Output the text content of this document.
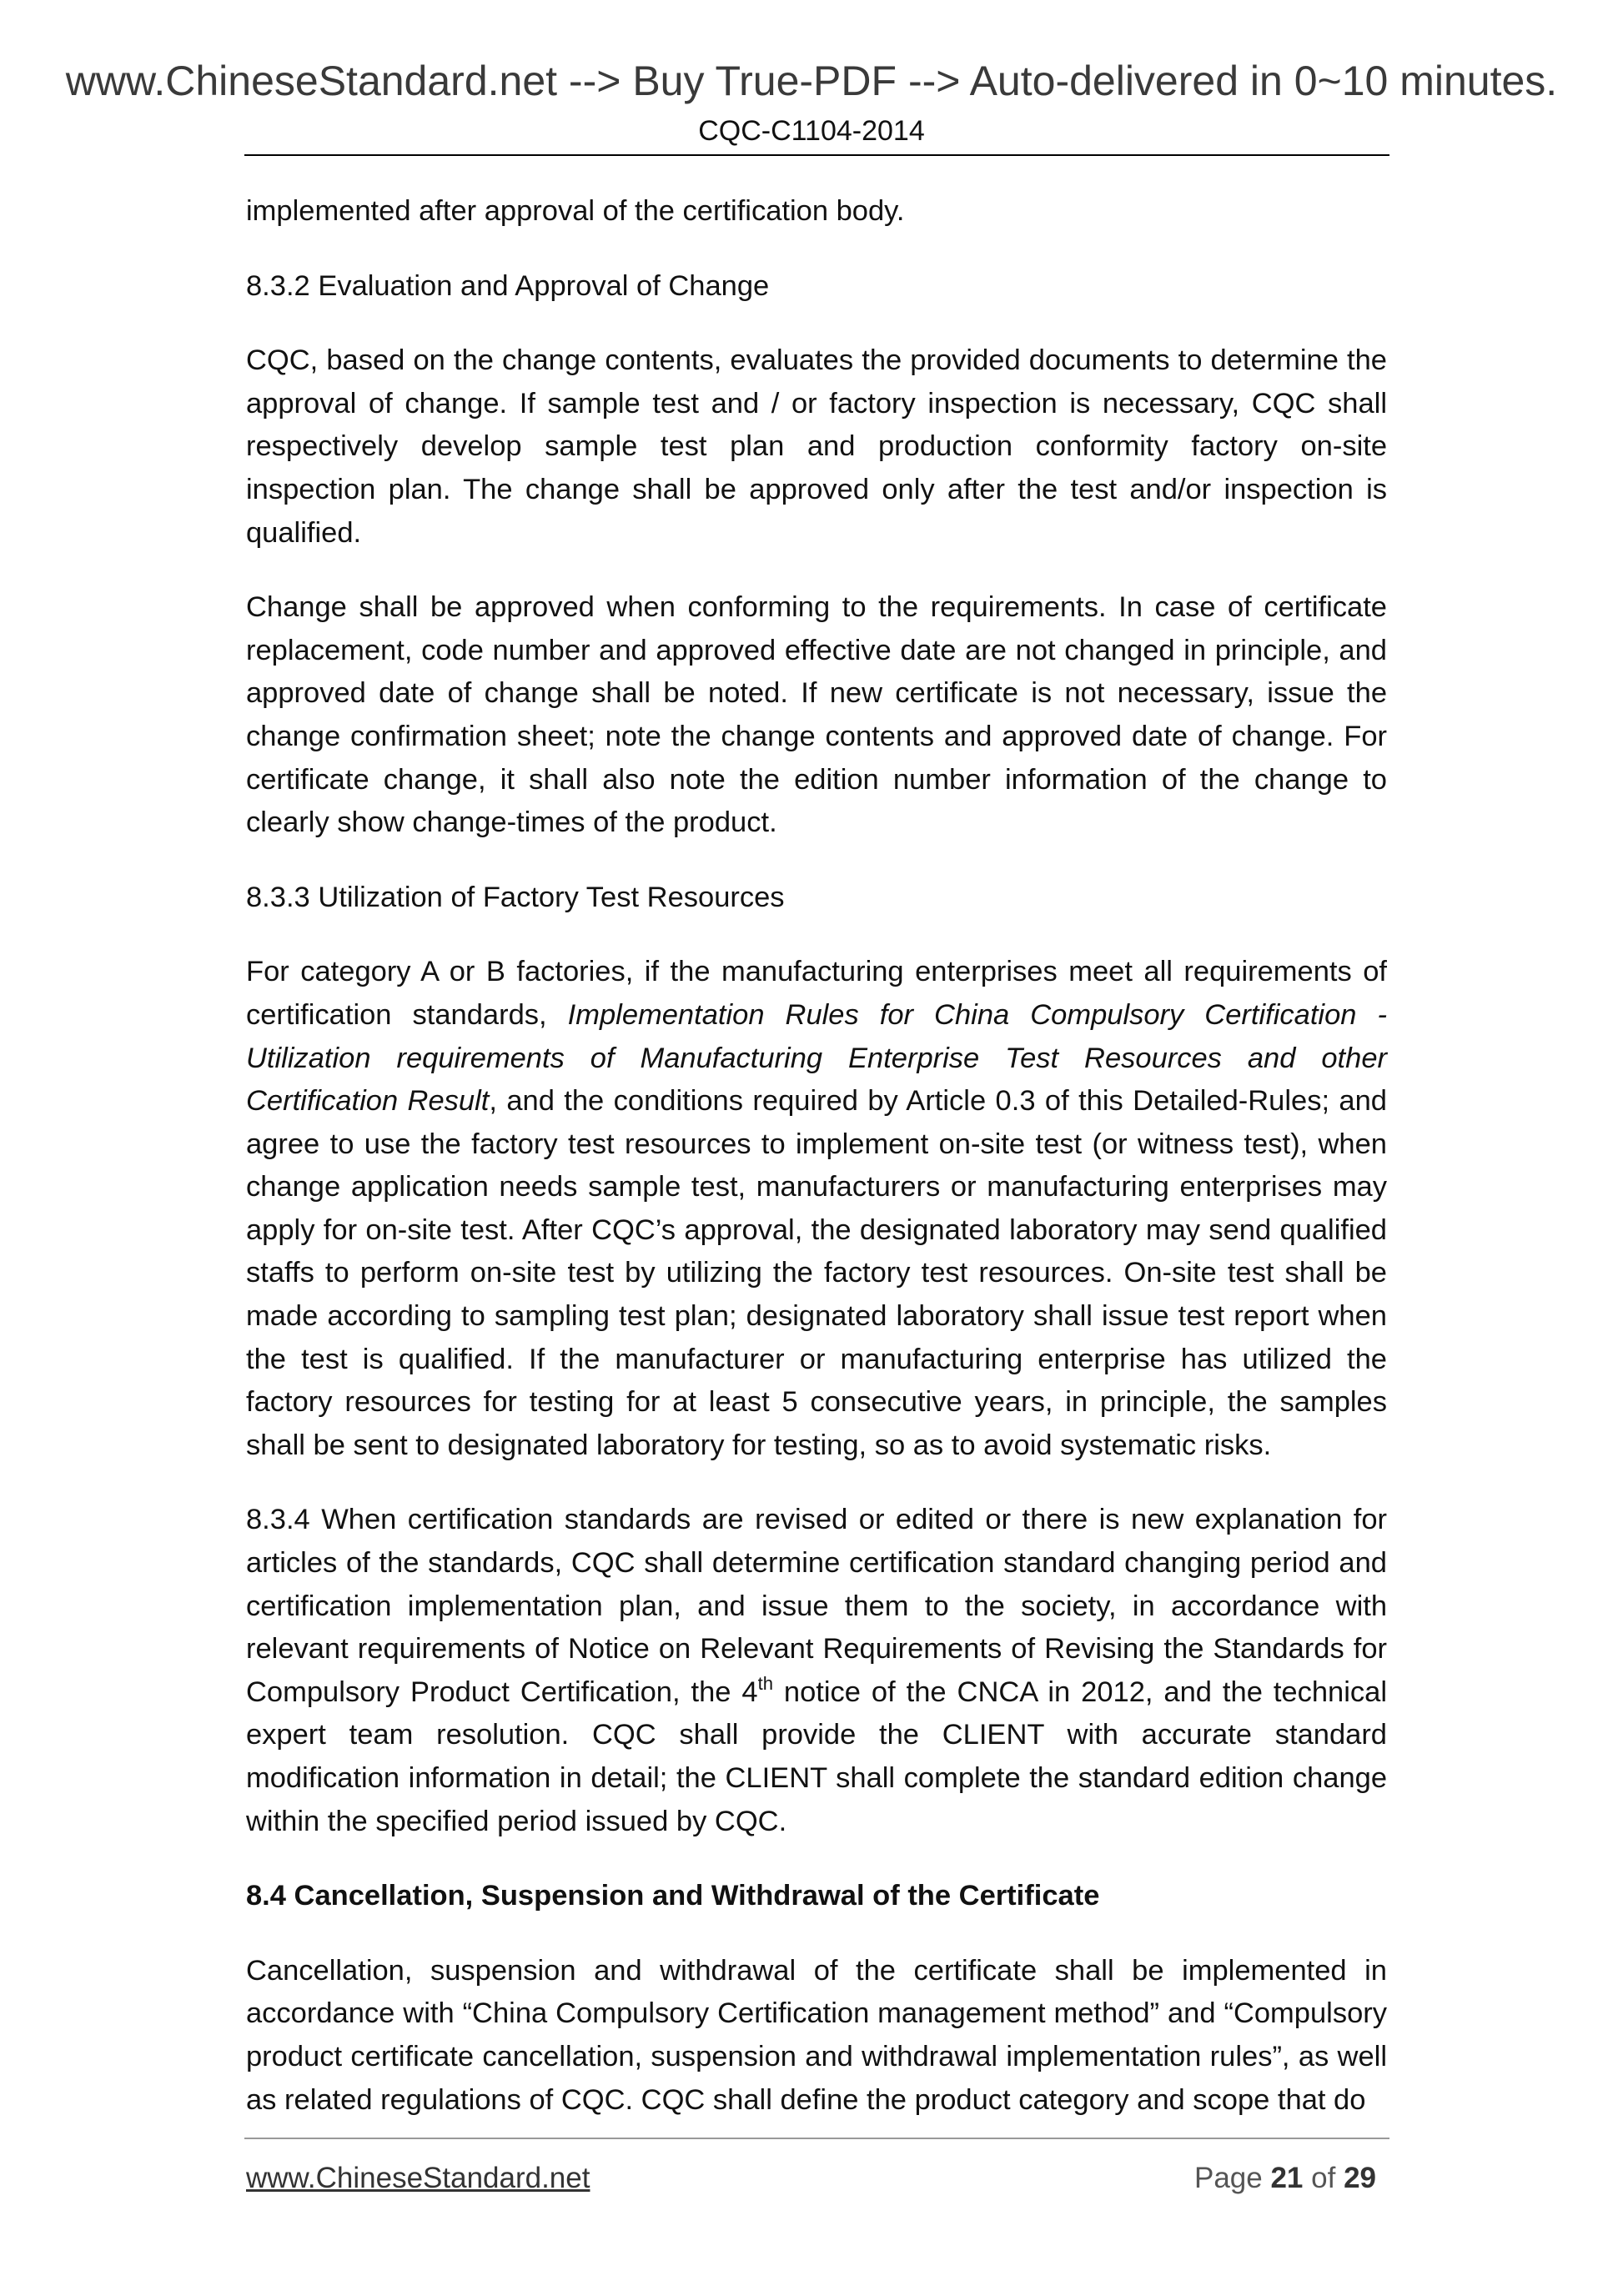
www.ChineseStandard.net --> Buy True-PDF --> Auto-delivered in 0~10 minutes.
CQC-C1104-2014

implemented after approval of the certification body.

8.3.2 Evaluation and Approval of Change

CQC, based on the change contents, evaluates the provided documents to determine the approval of change. If sample test and / or factory inspection is necessary, CQC shall respectively develop sample test plan and production conformity factory on-site inspection plan. The change shall be approved only after the test and/or inspection is qualified.

Change shall be approved when conforming to the requirements. In case of certificate replacement, code number and approved effective date are not changed in principle, and approved date of change shall be noted. If new certificate is not necessary, issue the change confirmation sheet; note the change contents and approved date of change. For certificate change, it shall also note the edition number information of the change to clearly show change-times of the product.

8.3.3 Utilization of Factory Test Resources

For category A or B factories, if the manufacturing enterprises meet all requirements of certification standards, Implementation Rules for China Compulsory Certification - Utilization requirements of Manufacturing Enterprise Test Resources and other Certification Result, and the conditions required by Article 0.3 of this Detailed-Rules; and agree to use the factory test resources to implement on-site test (or witness test), when change application needs sample test, manufacturers or manufacturing enterprises may apply for on-site test. After CQC’s approval, the designated laboratory may send qualified staffs to perform on-site test by utilizing the factory test resources. On-site test shall be made according to sampling test plan; designated laboratory shall issue test report when the test is qualified. If the manufacturer or manufacturing enterprise has utilized the factory resources for testing for at least 5 consecutive years, in principle, the samples shall be sent to designated laboratory for testing, so as to avoid systematic risks.

8.3.4 When certification standards are revised or edited or there is new explanation for articles of the standards, CQC shall determine certification standard changing period and certification implementation plan, and issue them to the society, in accordance with relevant requirements of Notice on Relevant Requirements of Revising the Standards for Compulsory Product Certification, the 4th notice of the CNCA in 2012, and the technical expert team resolution. CQC shall provide the CLIENT with accurate standard modification information in detail; the CLIENT shall complete the standard edition change within the specified period issued by CQC.

8.4 Cancellation, Suspension and Withdrawal of the Certificate

Cancellation, suspension and withdrawal of the certificate shall be implemented in accordance with “China Compulsory Certification management method” and “Compulsory product certificate cancellation, suspension and withdrawal implementation rules”, as well as related regulations of CQC. CQC shall define the product category and scope that do

www.ChineseStandard.net	Page 21 of 29
